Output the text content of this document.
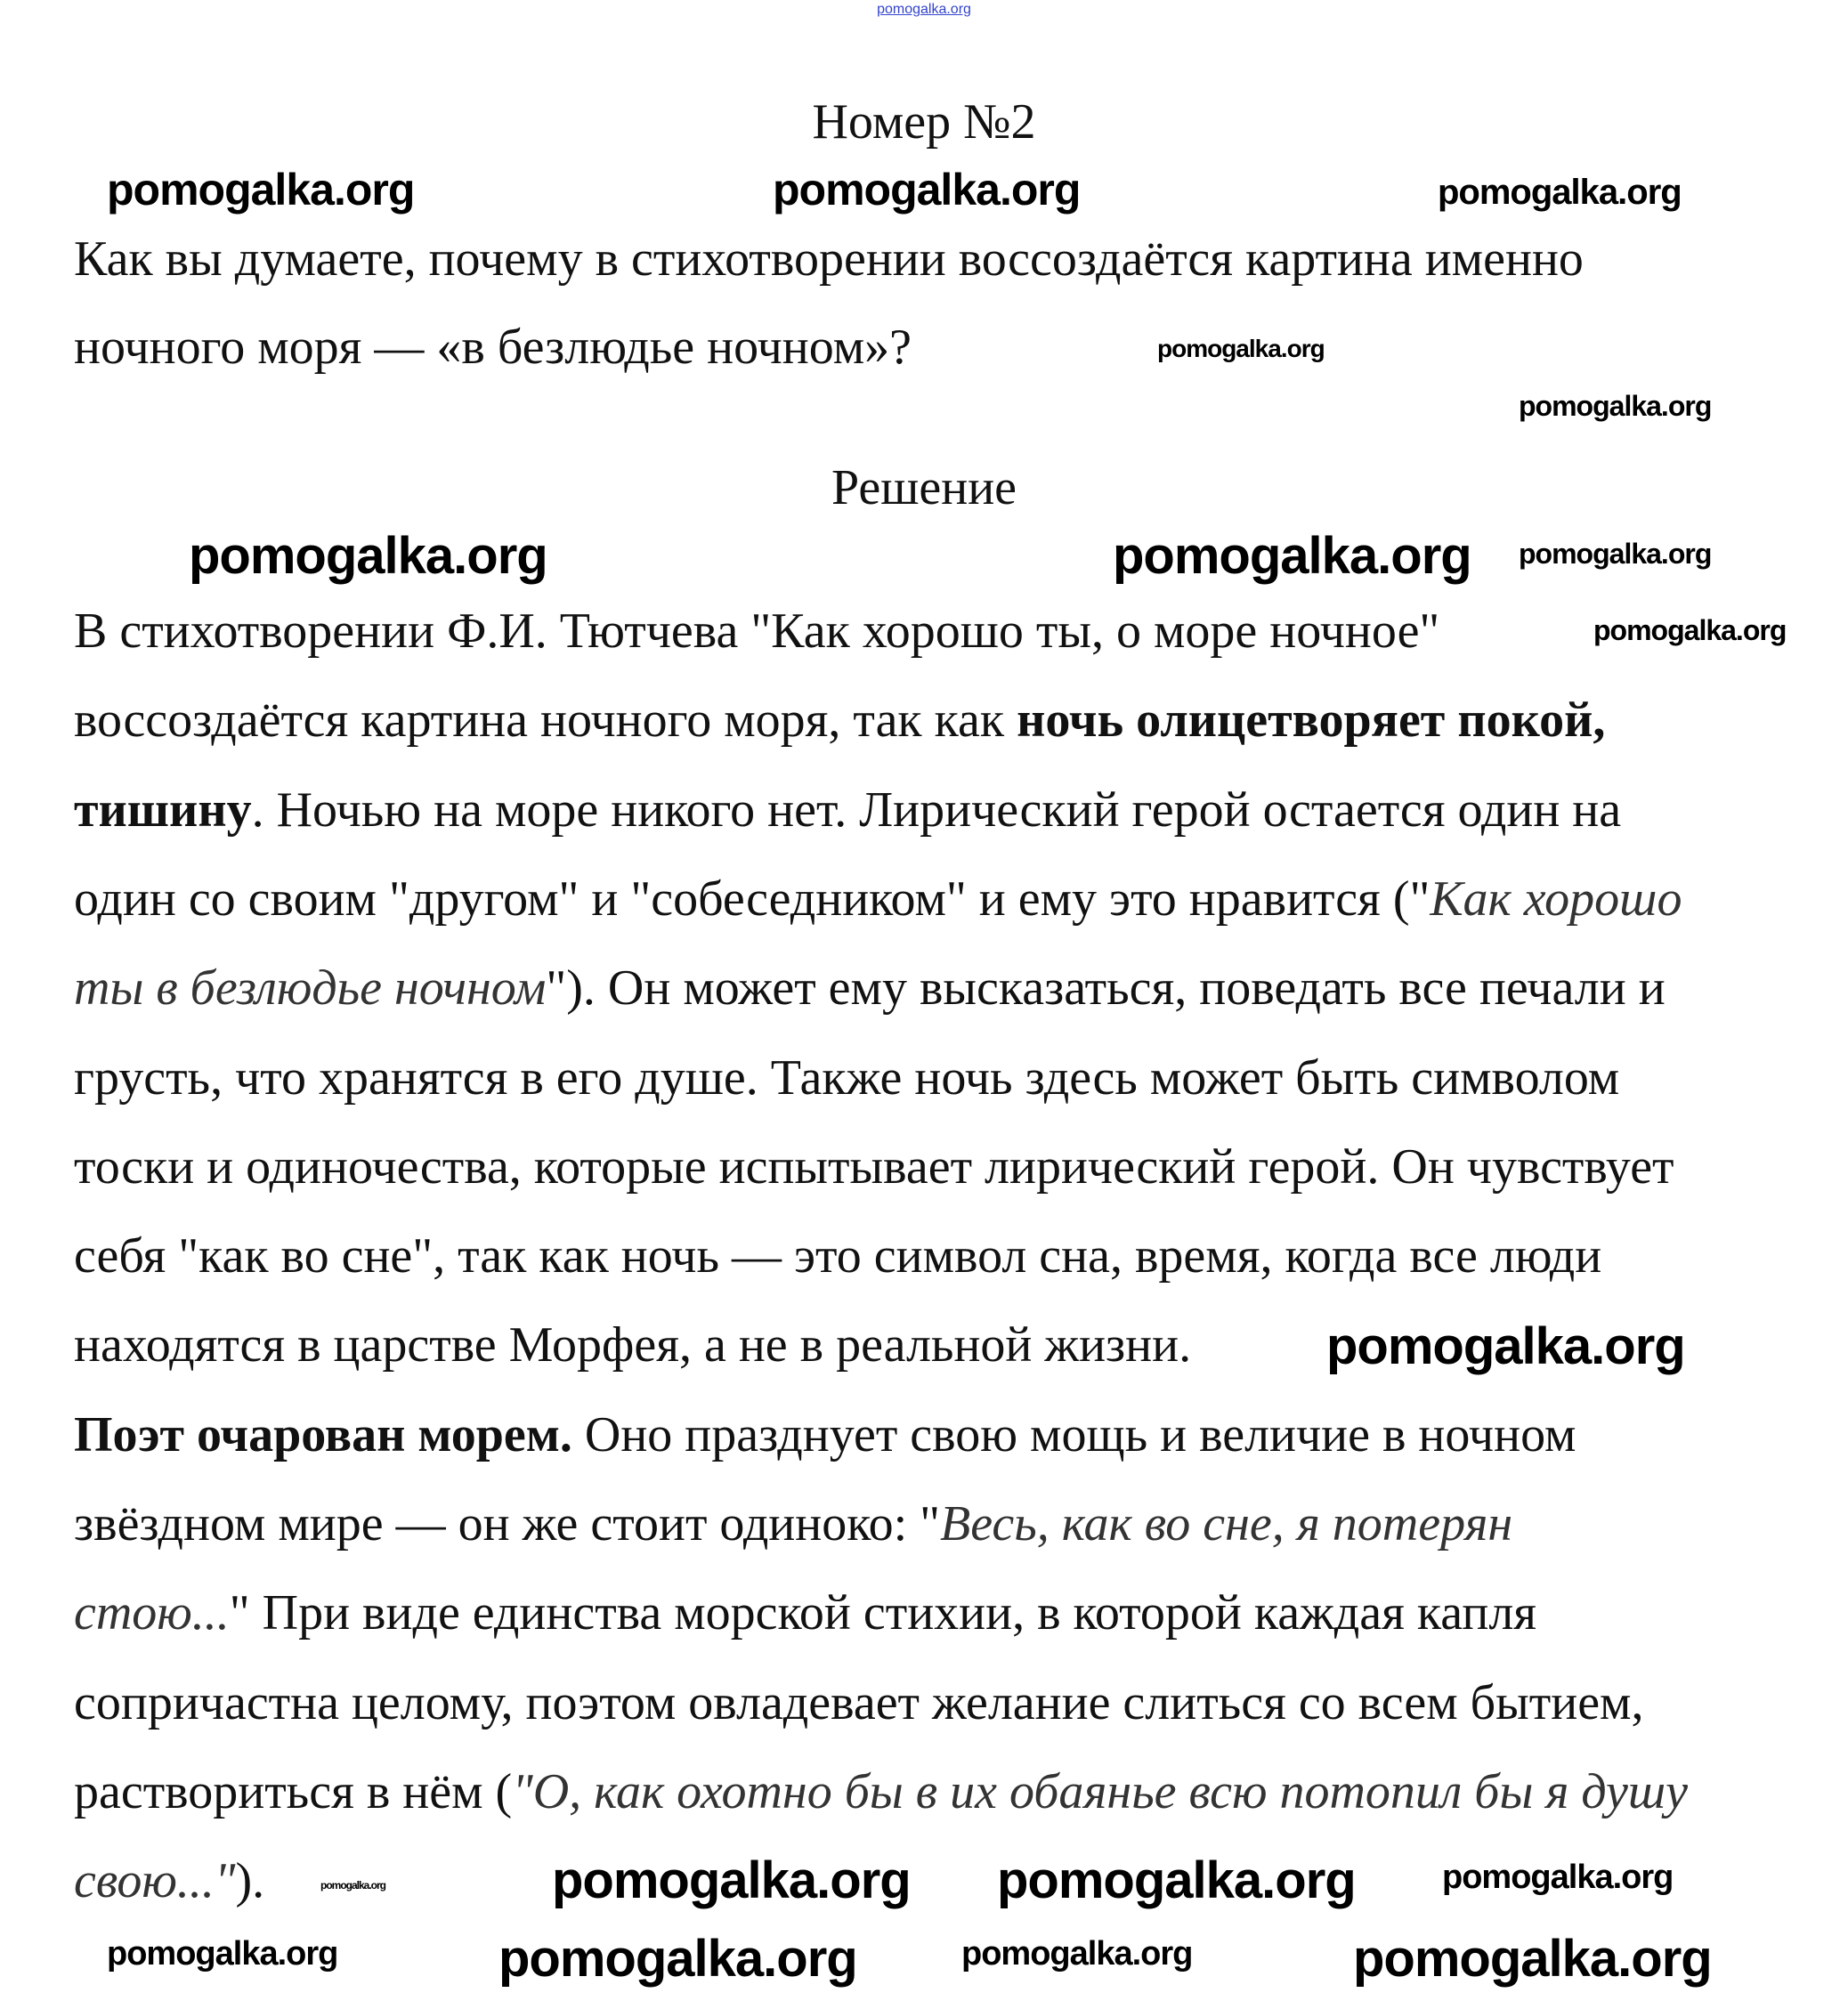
pomogalka.org
Номер №2
Как вы думаете, почему в стихотворении воссоздаётся картина именно
ночного моря — «в безлюдье ночном»?
Решение
В стихотворении Ф.И. Тютчева "Как хорошо ты, о море ночное"
воссоздаётся картина ночного моря, так как ночь олицетворяет покой,
тишину. Ночью на море никого нет. Лирический герой остается один на
один со своим "другом" и "собеседником" и ему это нравится ("Как хорошо
ты в безлюдье ночном"). Он может ему высказаться, поведать все печали и
грусть, что хранятся в его душе. Также ночь здесь может быть символом
тоски и одиночества, которые испытывает лирический герой. Он чувствует
себя "как во сне", так как ночь — это символ сна, время, когда все люди
находятся в царстве Морфея, а не в реальной жизни.
Поэт очарован морем. Оно празднует свою мощь и величие в ночном
звёздном мире — он же стоит одиноко: "Весь, как во сне, я потерян
стою..." При виде единства морской стихии, в которой каждая капля
сопричастна целому, поэтом овладевает желание слиться со всем бытием,
раствориться в нём ("О, как охотно бы в их обаянье всю потопил бы я душу
свою...").
pomogalka.org	pomogalka.org	pomogalka.org
pomogalka.org
pomogalka.org
pomogalka.org	pomogalka.org pomogalka.org
pomogalka.org
pomogalka.org
pomogalka.org	pomogalka.org pomogalka.org	pomogalka.org
pomogalka.org	pomogalka.org	pomogalka.org	pomogalka.org
